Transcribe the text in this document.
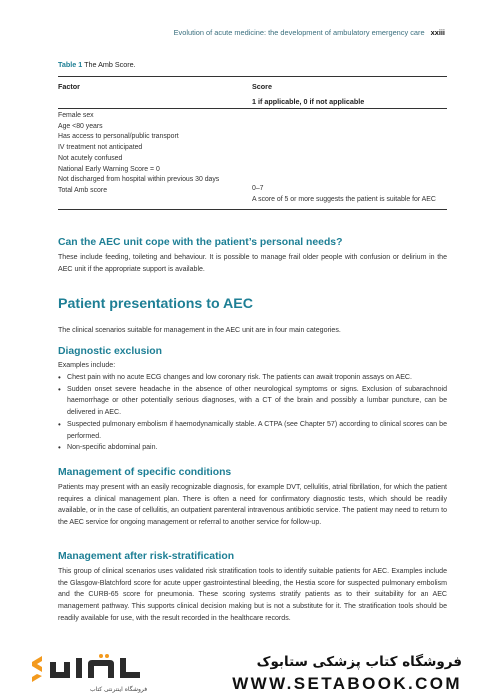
Evolution of acute medicine: the development of ambulatory emergency care xxiii
Table 1 The Amb Score.
Factor	Score
1 if applicable, 0 if not applicable
Female sex
Age <80 years
Has access to personal/public transport
IV treatment not anticipated
Not acutely confused
National Early Warning Score = 0
Not discharged from hospital within previous 30 days
Total Amb score	0–7
A score of 5 or more suggests the patient is suitable for AEC
Can the AEC unit cope with the patient’s personal needs?
These include feeding, toileting and behaviour. It is possible to manage frail older people with confusion or delirium in the AEC unit if the appropriate support is available.
Patient presentations to AEC
The clinical scenarios suitable for management in the AEC unit are in four main categories.
Diagnostic exclusion
Examples include:
• Chest pain with no acute ECG changes and low coronary risk. The patients can await troponin assays on AEC.
• Sudden onset severe headache in the absence of other neurological symptoms or signs. Exclusion of subarachnoid haemorrhage or other potentially serious diagnoses, with a CT of the brain and possibly a lumbar puncture, can be delivered in AEC.
• Suspected pulmonary embolism if haemodynamically stable. A CTPA (see Chapter 57) according to clinical scores can be performed.
• Non-specific abdominal pain.
Management of specific conditions
Patients may present with an easily recognizable diagnosis, for example DVT, cellulitis, atrial fibrillation, for which the patient requires a clinical management plan. There is often a need for confirmatory diagnostic tests, which should be readily available, or in the case of cellulitis, an outpatient parenteral intravenous antibiotic service. The patient may need to return to the AEC service for ongoing management or referral to another service for follow-up.
Management after risk-stratification
This group of clinical scenarios uses validated risk stratification tools to identify suitable patients for AEC. Examples include the Glasgow-Blatchford score for acute upper gastrointestinal bleeding, the Hestia score for suspected pulmonary embolism and the CURB-65 score for pneumonia. These scoring systems stratify patients as to their suitability for an AEC management pathway. This supports clinical decision making but is not a substitute for it. The stratification tools should be readily available for use, with the result recorded in the healthcare records.
فروشگاه اینترنتی کتاب
فروشگاه کتاب پزشکی ستابوک
WWW.SETABOOK.COM
